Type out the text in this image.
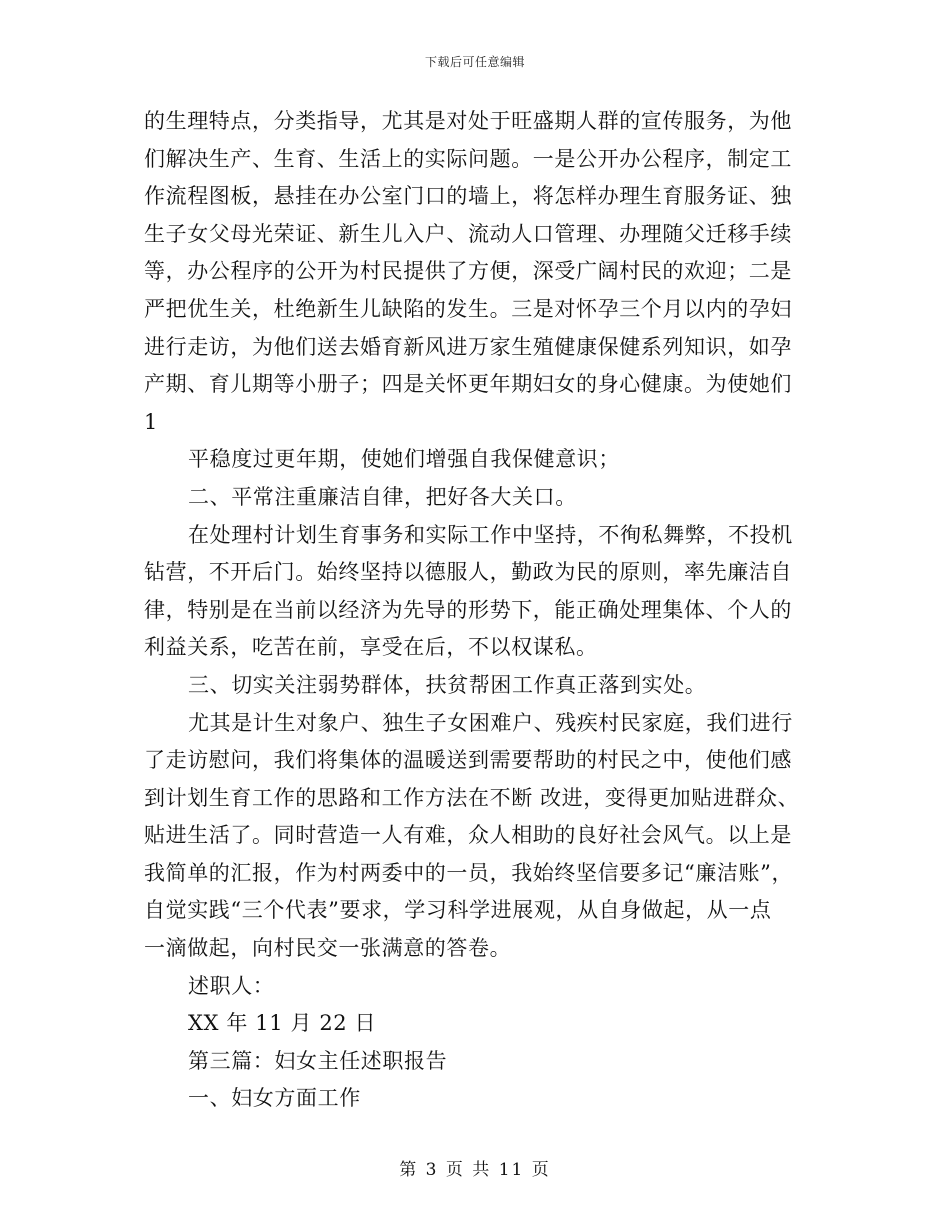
下载后可任意编辑
的生理特点，分类指导，尤其是对处于旺盛期人群的宣传服务，为他
们解决生产、生育、生活上的实际问题。一是公开办公程序，制定工
作流程图板，悬挂在办公室门口的墙上，将怎样办理生育服务证、独
生子女父母光荣证、新生儿入户、流动人口管理、办理随父迁移手续
等，办公程序的公开为村民提供了方便，深受广阔村民的欢迎；二是
严把优生关，杜绝新生儿缺陷的发生。三是对怀孕三个月以内的孕妇
进行走访，为他们送去婚育新风进万家生殖健康保健系列知识，如孕
产期、育儿期等小册子；四是关怀更年期妇女的身心健康。为使她们
1
平稳度过更年期，使她们增强自我保健意识；
二、平常注重廉洁自律，把好各大关口。
在处理村计划生育事务和实际工作中坚持，不徇私舞弊，不投机
钻营，不开后门。始终坚持以德服人，勤政为民的原则，率先廉洁自
律，特别是在当前以经济为先导的形势下，能正确处理集体、个人的
利益关系，吃苦在前，享受在后，不以权谋私。
三、切实关注弱势群体，扶贫帮困工作真正落到实处。
尤其是计生对象户、独生子女困难户、残疾村民家庭，我们进行
了走访慰问，我们将集体的温暖送到需要帮助的村民之中，使他们感
到计划生育工作的思路和工作方法在不断 改进，变得更加贴进群众、
贴进生活了。同时营造一人有难，众人相助的良好社会风气。以上是
我简单的汇报，作为村两委中的一员，我始终坚信要多记“廉洁账”，
自觉实践“三个代表”要求，学习科学进展观，从自身做起，从一点
一滴做起，向村民交一张满意的答卷。
述职人：
XX 年 11 月 22 日
第三篇：妇女主任述职报告
一、妇女方面工作
第 3 页 共 11 页
